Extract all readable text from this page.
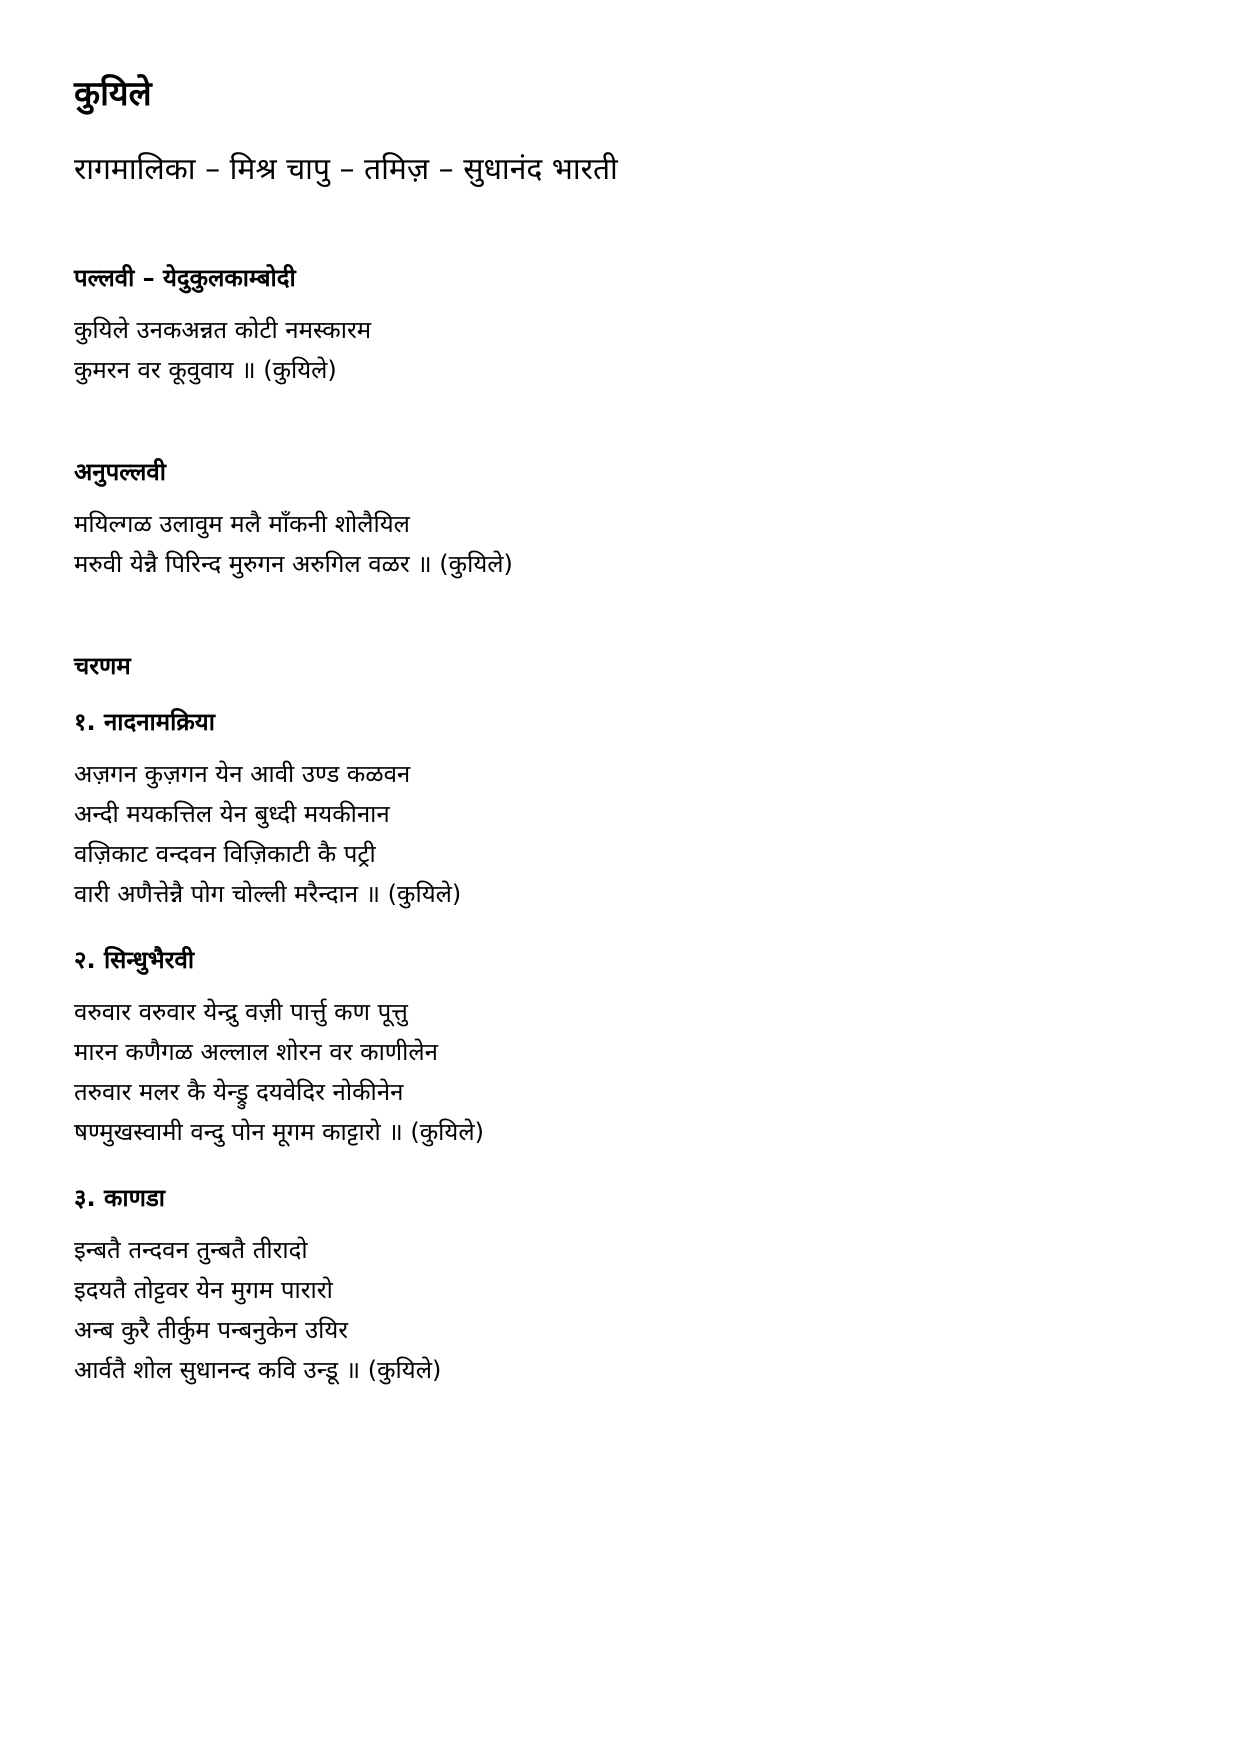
कुयिले
रागमालिका – मिश्र चापु – तमिज़ – सुधानंद भारती
पल्लवी – येदुकुलकाम्बोदी
कुयिले उनकअन्नत कोटी नमस्कारम
कुमरन वर कूवुवाय ॥ (कुयिले)
अनुपल्लवी
मयिल्गळ उलावुम मलै माँकनी शोलैयिल
मरुवी येन्नै पिरिन्द मुरुगन अरुगिल वळर ॥ (कुयिले)
चरणम
१. नादनामक्रिया
अज़गन कुज़गन येन आवी उण्ड कळवन
अन्दी मयकत्तिल येन बुध्दी मयकीनान
वज़िकाट वन्दवन विज़िकाटी कै पट्री
वारी अणैत्तेन्नै पोग चोल्ली मरैन्दान ॥ (कुयिले)
२. सिन्धुभैरवी
वरुवार वरुवार येन्द्रु वज़ी पार्त्तु कण पूत्तु
मारन कणैगळ अल्लाल शोरन वर काणीलेन
तरुवार मलर कै येन्ड्रु दयवेदिर नोकीनेन
षण्मुखस्वामी वन्दु पोन मूगम काट्टारो ॥ (कुयिले)
३. काणडा
इन्बतै तन्दवन तुन्बतै तीरादो
इदयतै तोट्टवर येन मुगम पारारो
अन्ब कुरै तीर्कुम पन्बनुकेन उयिर
आर्वतै शोल सुधानन्द कवि उन्डू ॥ (कुयिले)
